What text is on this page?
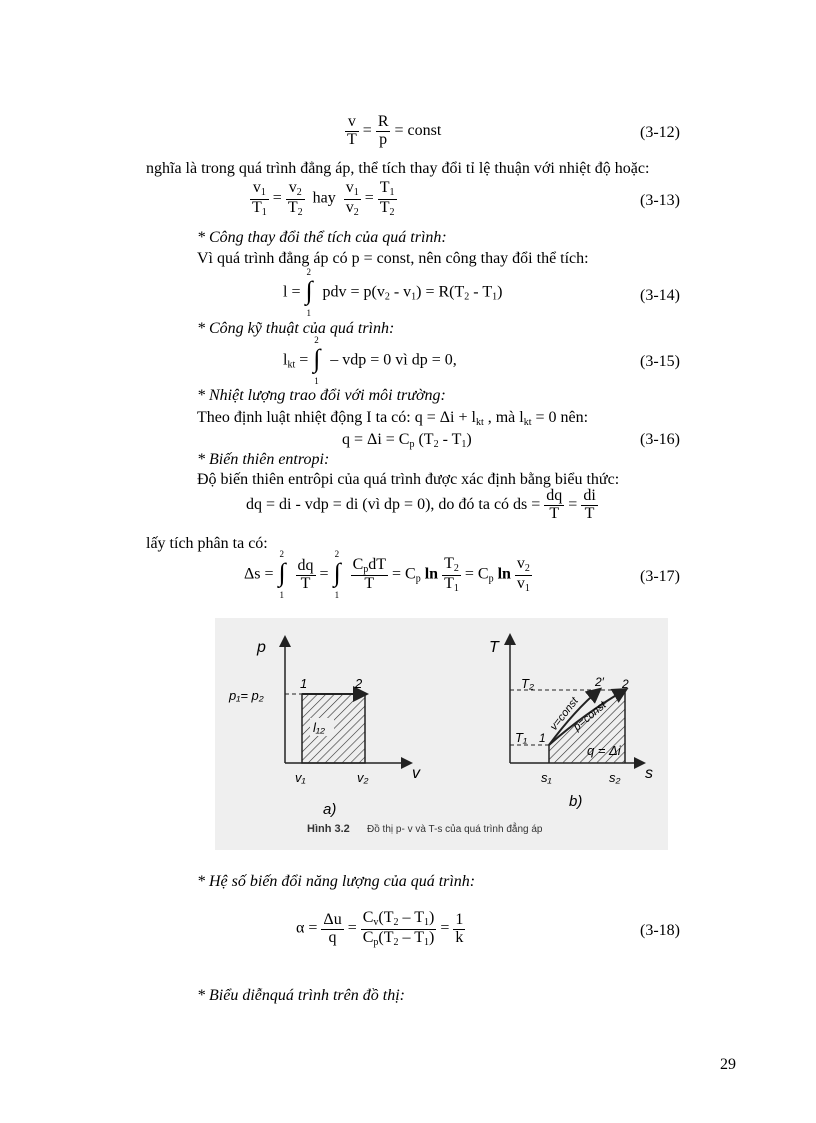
$\frac{v}{T} = \frac{R}{p}$ = const	(3-12)
nghĩa là trong quá trình đẳng áp, thể tích thay đổi tỉ lệ thuận với nhiệt độ hoặc:
$\frac{v_1}{T_1} = \frac{v_2}{T_2}$ hay $\frac{v_1}{v_2} = \frac{T_1}{T_2}$	(3-13)
* Công thay đổi thể tích của quá trình:
Vì quá trình đẳng áp có p = const, nên công thay đổi thể tích:
l =
2
∫
1
pdv = $p(v_2 - v_1) = R(T_2 - T_1)$	(3-14)
* Công kỹ thuật của quá trình:
$l_{kt}$ =
2
∫
1
– vdp = 0 vì dp = 0,	(3-15)
* Nhiệt lượng trao đổi với môi trường:
Theo định luật nhiệt động I ta có: $q = \Delta i + l_{kt}$ , mà $l_{kt} = 0$ nên:
$q = \Delta i = C_p$ $(T_2 - T_1)$	(3-16)
* Biến thiên entropi:
Độ biến thiên entrôpi của quá trình được xác định bằng biểu thức:
dq = di - vdp = di (vì dp = 0), do đó ta có ds = $\frac{dq}{T} = \frac{di}{T}$
lấy tích phân ta có:
Δs =
2
∫
1

$\frac{dq}{T}$ =
2
∫
1

$\frac{C_pdT}{T} = C_p$ $\ln \frac{T_2}{T_1} = C_p$ $\ln \frac{v_2}{v_1}$	(3-17)
p
v
p₁= p₂
1	2
l₁₂
v₁	v₂
a)
T
s
T₂
T₁ 1
2
2′
v=const
p=const
q = Δi
s₁	s₂
b)
Hình 3.2 Đồ thị p- v và T-s của quá trình đẳng áp
* Hệ số biến đổi năng lượng của quá trình:
$\alpha = \frac{\Delta u}{q} = \frac{C_v(T_2 - T_1)}{C_p(T_2 - T_1)} = \frac{1}{k}$	(3-18)
* Biểu diễnquá trình trên đồ thị:
29
